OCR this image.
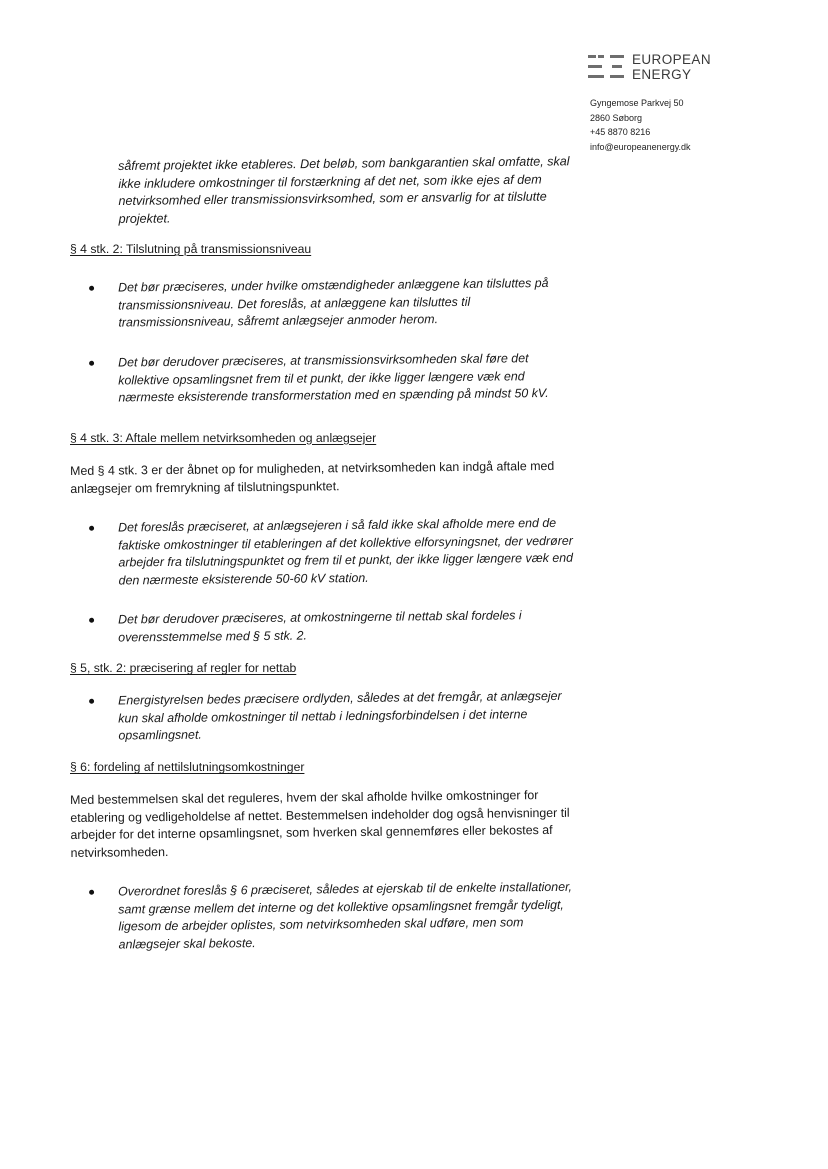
EUROPEAN
ENERGY
Gyngemose Parkvej 50
2860 Søborg
+45 8870 8216
info@europeanenergy.dk
såfremt projektet ikke etableres. Det beløb, som bankgarantien skal omfatte, skal ikke inkludere omkostninger til forstærkning af det net, som ikke ejes af dem netvirksomhed eller transmissionsvirksomhed, som er ansvarlig for at tilslutte projektet.
§ 4 stk. 2: Tilslutning på transmissionsniveau
Det bør præciseres, under hvilke omstændigheder anlæggene kan tilsluttes på transmissionsniveau. Det foreslås, at anlæggene kan tilsluttes til transmissionsniveau, såfremt anlægsejer anmoder herom.
Det bør derudover præciseres, at transmissionsvirksomheden skal føre det kollektive opsamlingsnet frem til et punkt, der ikke ligger længere væk end nærmeste eksisterende transformerstation med en spænding på mindst 50 kV.
§ 4 stk. 3: Aftale mellem netvirksomheden og anlægsejer
Med § 4 stk. 3 er der åbnet op for muligheden, at netvirksomheden kan indgå aftale med anlægsejer om fremrykning af tilslutningspunktet.
Det foreslås præciseret, at anlægsejeren i så fald ikke skal afholde mere end de faktiske omkostninger til etableringen af det kollektive elforsyningsnet, der vedrører arbejder fra tilslutningspunktet og frem til et punkt, der ikke ligger længere væk end den nærmeste eksisterende 50-60 kV station.
Det bør derudover præciseres, at omkostningerne til nettab skal fordeles i overensstemmelse med § 5 stk. 2.
§ 5, stk. 2: præcisering af regler for nettab
Energistyrelsen bedes præcisere ordlyden, således at det fremgår, at anlægsejer kun skal afholde omkostninger til nettab i ledningsforbindelsen i det interne opsamlingsnet.
§ 6: fordeling af nettilslutningsomkostninger
Med bestemmelsen skal det reguleres, hvem der skal afholde hvilke omkostninger for etablering og vedligeholdelse af nettet. Bestemmelsen indeholder dog også henvisninger til arbejder for det interne opsamlingsnet, som hverken skal gennemføres eller bekostes af netvirksomheden.
Overordnet foreslås § 6 præciseret, således at ejerskab til de enkelte installationer, samt grænse mellem det interne og det kollektive opsamlingsnet fremgår tydeligt, ligesom de arbejder oplistes, som netvirksomheden skal udføre, men som anlægsejer skal bekoste.
